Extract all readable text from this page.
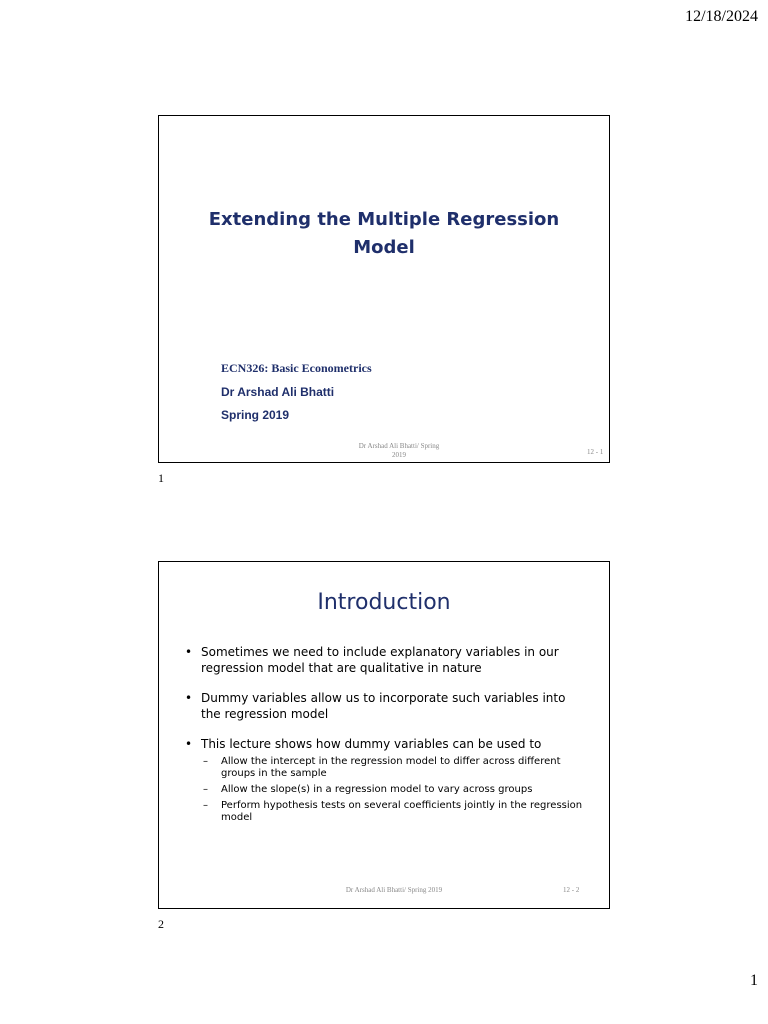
12/18/2024
Extending the Multiple Regression
Model
ECN326: Basic Econometrics
Dr Arshad Ali Bhatti
Spring 2019
Dr Arshad Ali Bhatti/ Spring
2019	12 - 1
1
Introduction
• Sometimes we need to include explanatory variables in our regression model that are qualitative in nature
• Dummy variables allow us to incorporate such variables into the regression model
• This lecture shows how dummy variables can be used to
– Allow the intercept in the regression model to differ across different groups in the sample
– Allow the slope(s) in a regression model to vary across groups
– Perform hypothesis tests on several coefficients jointly in the regression model
Dr Arshad Ali Bhatti/ Spring 2019	12 - 2
2
1
